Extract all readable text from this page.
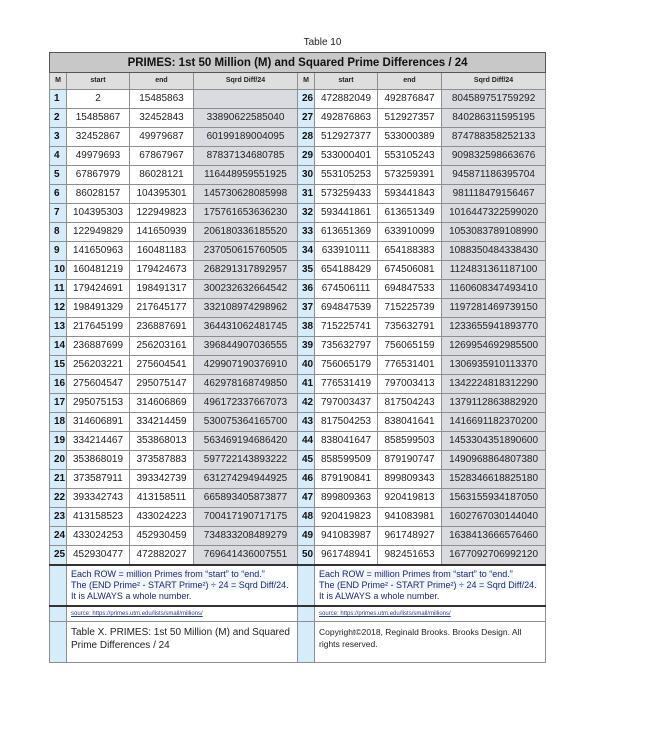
Table 10
PRIMES: 1st 50 Million (M) and Squared Prime Differences / 24							
M	start	end	Sqrd Diff/24	M	start	end	Sqrd Diff/24
1	2	15485863		26	472882049	492876847	804589751759292
2	15485867	32452843	33890622585040	27	492876863	512927357	840286311595195
3	32452867	49979687	60199189004095	28	512927377	533000389	874788358252133
4	49979693	67867967	87837134680785	29	533000401	553105243	909832598663676
5	67867979	86028121	116448959551925	30	553105253	573259391	945871186395704
6	86028157	104395301	145730628085998	31	573259433	593441843	981118479156467
7	104395303	122949823	175761653636230	32	593441861	613651349	1016447322599020
8	122949829	141650939	206180336185520	33	613651369	633910099	1053083789108990
9	141650963	160481183	237050615760505	34	633910111	654188383	1088350484338430
10	160481219	179424673	268291317892957	35	654188429	674506081	1124831361187100
11	179424691	198491317	300232632664542	36	674506111	694847533	1160608347493410
12	198491329	217645177	332108974298962	37	694847539	715225739	1197281469739150
13	217645199	236887691	364431062481745	38	715225741	735632791	1233655941893770
14	236887699	256203161	396844907036555	39	735632797	756065159	1269954692985500
15	256203221	275604541	429907190376910	40	756065179	776531401	1306935910113370
16	275604547	295075147	462978168749850	41	776531419	797003413	1342224818312290
17	295075153	314606869	496172337667073	42	797003437	817504243	1379112863882920
18	314606891	334214459	530075364165700	43	817504253	838041641	1416691182370200
19	334214467	353868013	563469194686420	44	838041647	858599503	1453304351890600
20	353868019	373587883	597722143893222	45	858599509	879190747	1490968864807380
21	373587911	393342739	631274294944925	46	879190841	899809343	1528346618825180
22	393342743	413158511	665893405873877	47	899809363	920419813	1563155934187050
23	413158523	433024223	700417190717175	48	920419823	941083981	1602767030144040
24	433024253	452930459	734833208489279	49	941083987	961748927	1638413666576460
25	452930477	472882027	769641436007551	50	961748941	982451653	1677092706992120
	Each ROW = million Primes from “start” to “end.”
The (END Prime² - START Prime²) ÷ 24 = Sqrd Diff/24.
It is ALWAYS a whole number.				Each ROW = million Primes from “start” to “end.”
The (END Prime² - START Prime²) ÷ 24 = Sqrd Diff/24.
It is ALWAYS a whole number.		
	source: https://primes.utm.edu/lists/small/millions/				source: https://primes.utm.edu/lists/small/millions/		
	Table X. PRIMES: 1st 50 Million (M) and Squared Prime Differences / 24				Copyright©2018, Reginald Brooks. Brooks Design. All rights reserved.		
